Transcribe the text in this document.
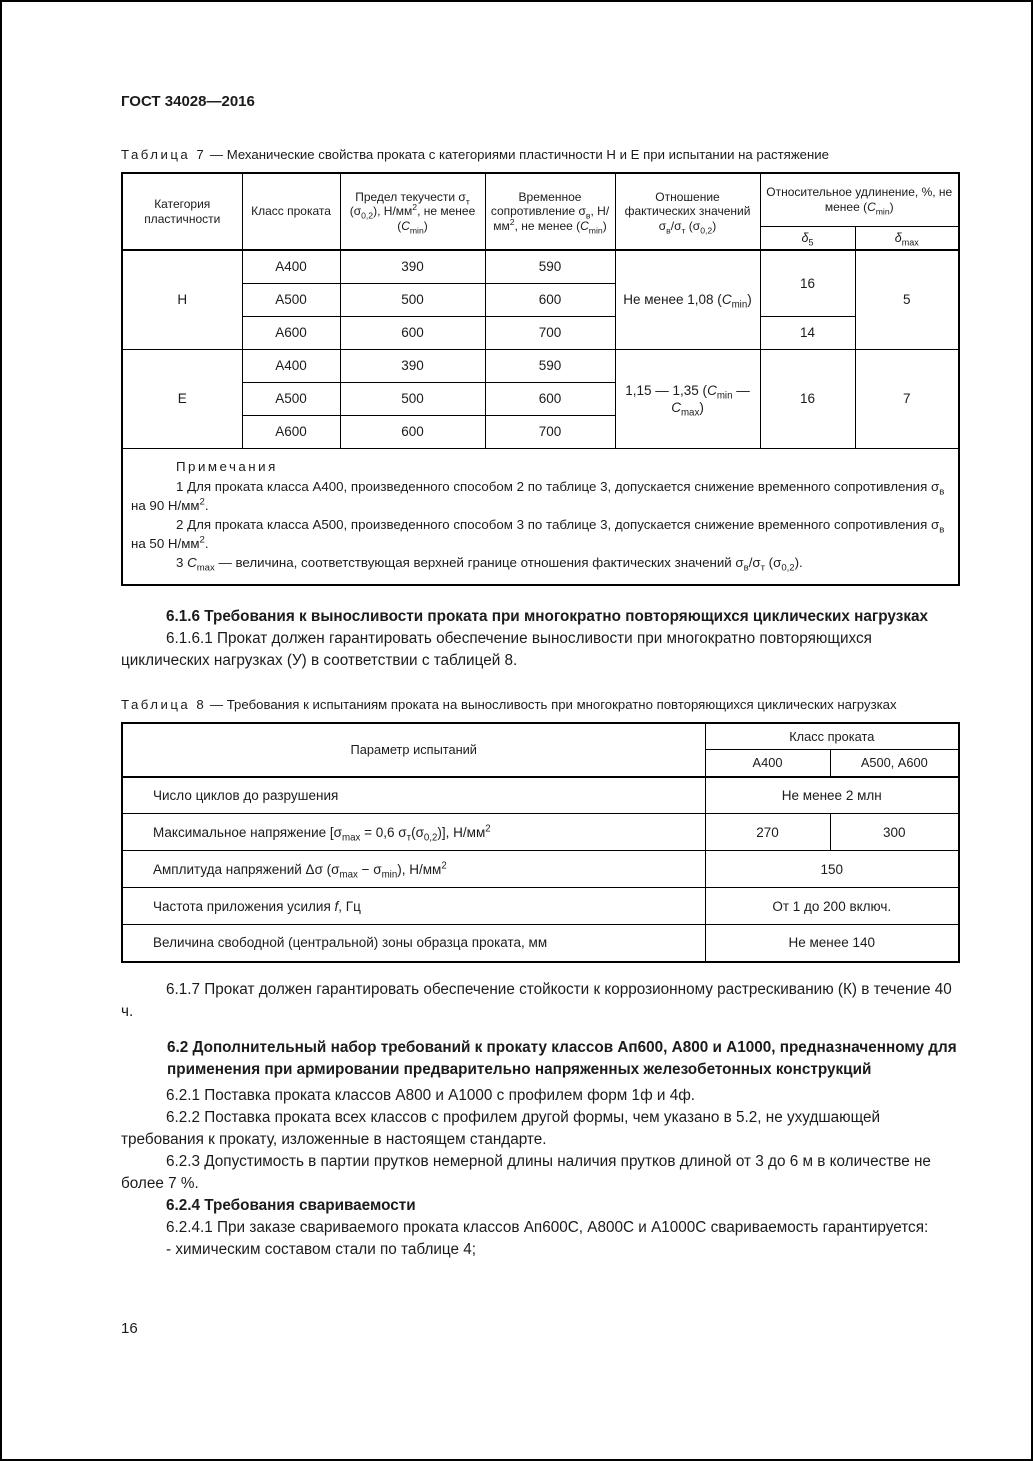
ГОСТ 34028—2016

Таблица 7 — Механические свойства проката с категориями пластичности Н и Е при испытании на растяжение

Категория пластичности	Класс проката	Предел текучести $\sigma_т$ $(\sigma_{0,2})$, $Н/мм^2$, не менее $(C_{min})$	Временное сопротивление $\sigma_в$, $Н/мм^2$, не менее $(C_{min})$	Отношение фактических значений $\sigma_в/\sigma_т$ $(\sigma_{0,2})$	Относительное удлинение, %, не менее $(C_{min})$	
					$\delta_5$	$\delta_{max}$
Н	А400	390	590	Не менее 1,08 $(C_{min})$	16	5
	А500	500	600			
	А600	600	700		14	
Е	А400	390	590	1,15 — 1,35 ($C_{min}$ — $C_{max}$)	16	7
	А500	500	600			
	А600	600	700			

Примечания
1 Для проката класса А400, произведенного способом 2 по таблице 3, допускается снижение временного сопротивления $\sigma_в$ на 90 $Н/мм^2$.
2 Для проката класса А500, произведенного способом 3 по таблице 3, допускается снижение временного сопротивления $\sigma_в$ на 50 $Н/мм^2$.
3 $C_{max}$ — величина, соответствующая верхней границе отношения фактических значений $\sigma_в/\sigma_т$ $(\sigma_{0,2})$.						

6.1.6 Требования к выносливости проката при многократно повторяющихся циклических нагрузках

6.1.6.1 Прокат должен гарантировать обеспечение выносливости при многократно повторяющихся циклических нагрузках (У) в соответствии с таблицей 8.

Таблица 8 — Требования к испытаниям проката на выносливость при многократно повторяющихся циклических нагрузках

Параметр испытаний	Класс проката	
	А400	А500, А600
Число циклов до разрушения	Не менее 2 млн	
Максимальное напряжение [$\sigma_{max} = 0,6$ $\sigma_т(\sigma_{0,2})$], $Н/мм^2$	270	300
Амплитуда напряжений Δσ $(\sigma_{max} - \sigma_{min})$, $Н/мм^2$	150	
Частота приложения усилия f, Гц	От 1 до 200 включ.	
Величина свободной (центральной) зоны образца проката, мм	Не менее 140	

6.1.7 Прокат должен гарантировать обеспечение стойкости к коррозионному растрескиванию (К) в течение 40 ч.

6.2 Дополнительный набор требований к прокату классов Ап600, А800 и А1000, предназначенному для применения при армировании предварительно напряженных железобетонных конструкций

6.2.1 Поставка проката классов А800 и А1000 с профилем форм 1ф и 4ф.

6.2.2 Поставка проката всех классов с профилем другой формы, чем указано в 5.2, не ухудшающей требования к прокату, изложенные в настоящем стандарте.

6.2.3 Допустимость в партии прутков немерной длины наличия прутков длиной от 3 до 6 м в количестве не более 7 %.

6.2.4 Требования свариваемости

6.2.4.1 При заказе свариваемого проката классов Ап600С, А800С и А1000С свариваемость гарантируется:

- химическим составом стали по таблице 4;

16
